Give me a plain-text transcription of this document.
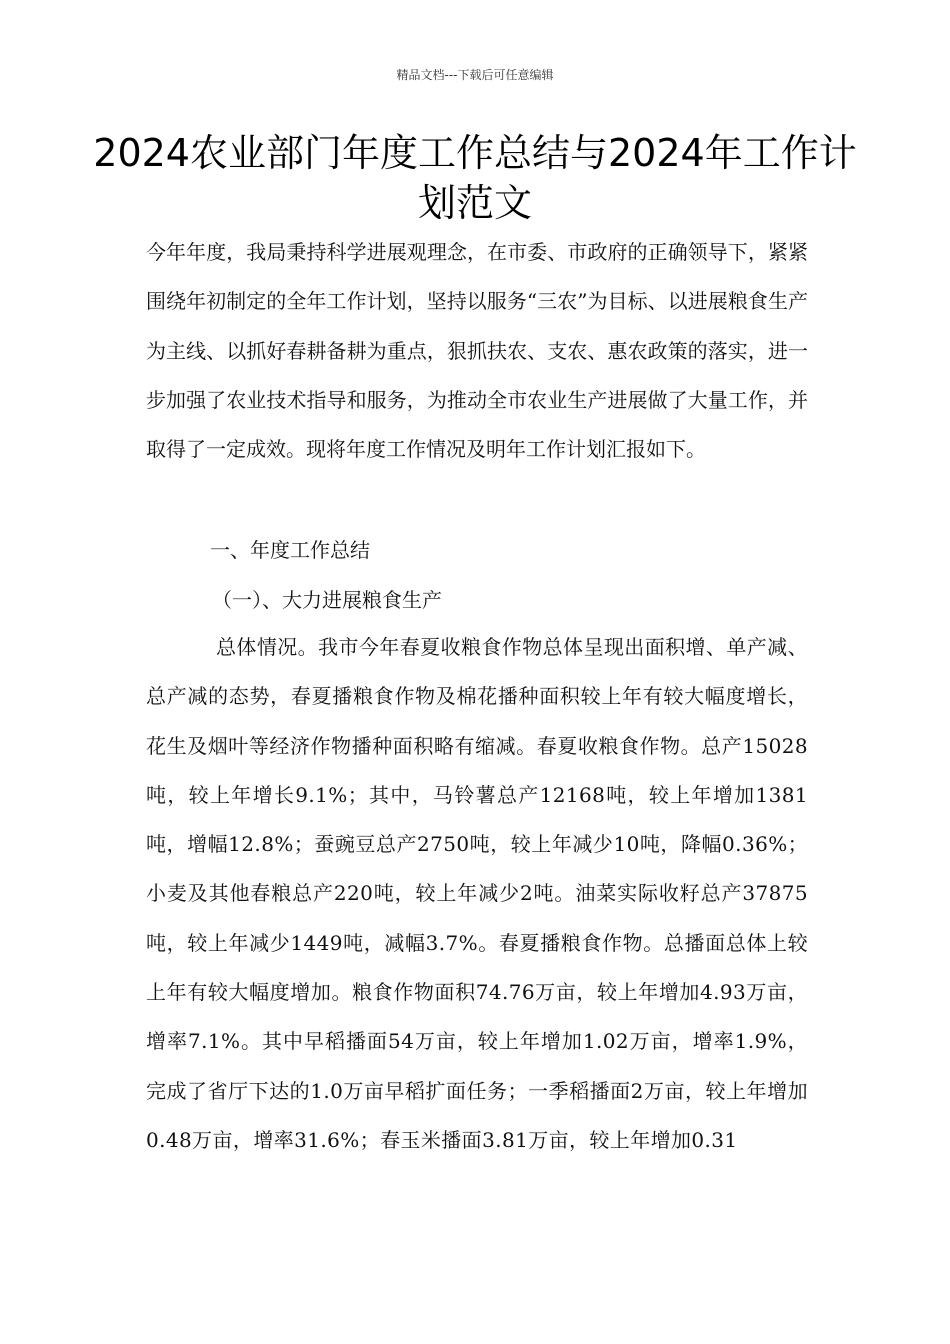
精品文档---下载后可任意编辑
2024农业部门年度工作总结与2024年工作计划范文

今年年度，我局秉持科学进展观理念，在市委、市政府的正确领导下，紧紧围绕年初制定的全年工作计划，坚持以服务“三农”为目标、以进展粮食生产为主线、以抓好春耕备耕为重点，狠抓扶农、支农、惠农政策的落实，进一步加强了农业技术指导和服务，为推动全市农业生产进展做了大量工作，并取得了一定成效。现将年度工作情况及明年工作计划汇报如下。

一、年度工作总结
（一）、大力进展粮食生产

总体情况。我市今年春夏收粮食作物总体呈现出面积增、单产减、总产减的态势，春夏播粮食作物及棉花播种面积较上年有较大幅度增长，花生及烟叶等经济作物播种面积略有缩减。春夏收粮食作物。总产15028吨，较上年增长9.1%；其中，马铃薯总产12168吨，较上年增加1381吨，增幅12.8%；蚕豌豆总产2750吨，较上年减少10吨，降幅0.36%；小麦及其他春粮总产220吨，较上年减少2吨。油菜实际收籽总产37875吨，较上年减少1449吨，减幅3.7%。春夏播粮食作物。总播面总体上较上年有较大幅度增加。粮食作物面积74.76万亩，较上年增加4.93万亩，增率7.1%。其中早稻播面54万亩，较上年增加1.02万亩，增率1.9%，完成了省厅下达的1.0万亩早稻扩面任务；一季稻播面2万亩，较上年增加0.48万亩，增率31.6%；春玉米播面3.81万亩，较上年增加0.31
